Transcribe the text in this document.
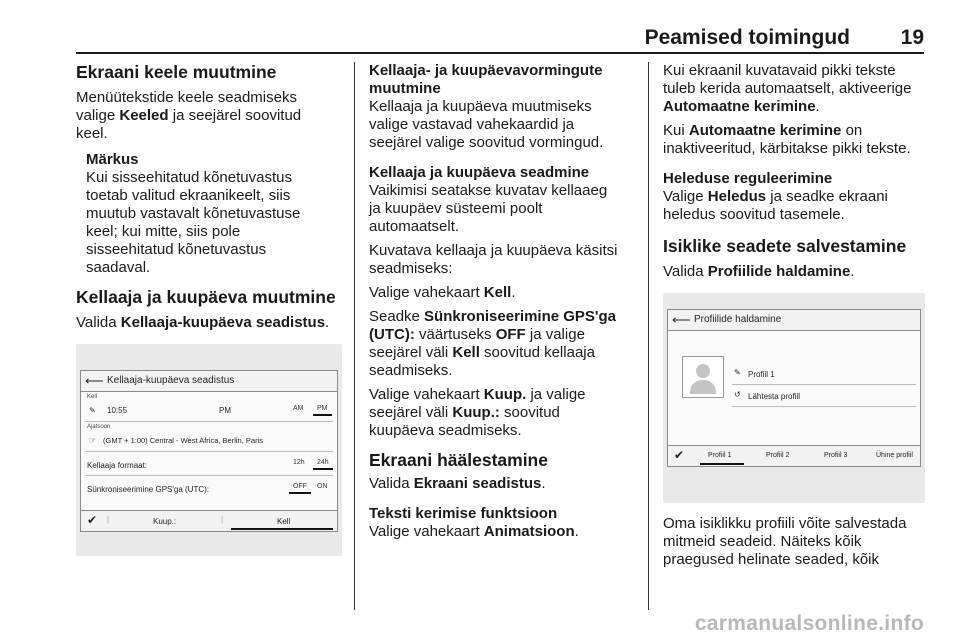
Peamised toimingud 19
Ekraani keele muutmine

Menüütekstide keele seadmiseks

valige Keeled ja seejärel soovitud

keel.

Märkus

Kui sisseehitatud kõnetuvastus

toetab valitud ekraanikeelt, siis

muutub vastavalt kõnetuvastuse

keel; kui mitte, siis pole

sisseehitatud kõnetuvastus

saadaval.

Kellaaja ja kuupäeva muutmine

Valida Kellaaja-kuupäeva seadistus.

⟵ Kellaaja-kuupäeva seadistus
Kell
✎ 10:55	PM	AM PM
Ajatsoon
☞ (GMT + 1:00) Central - West Africa, Berlin, Paris
Kellaaja formaat:	12h 24h
Sünkroniseerimine GPS'ga (UTC):	OFF ON
✔ |	Kuup.:	|	Kell
Kellaaja- ja kuupäevavormingute
muutmine

Kellaaja ja kuupäeva muutmiseks

valige vastavad vahekaardid ja

seejärel valige soovitud vormingud.

Kellaaja ja kuupäeva seadmine

Vaikimisi seatakse kuvatav kellaaeg

ja kuupäev süsteemi poolt

automaatselt.

Kuvatava kellaaja ja kuupäeva käsitsi

seadmiseks:

Valige vahekaart Kell.

Seadke Sünkroniseerimine GPS'ga

(UTC): väärtuseks OFF ja valige

seejärel väli Kell soovitud kellaaja

seadmiseks.

Valige vahekaart Kuup. ja valige

seejärel väli Kuup.: soovitud

kuupäeva seadmiseks.

Ekraani häälestamine

Valida Ekraani seadistus.

Teksti kerimise funktsioon

Valige vahekaart Animatsioon.

Kui ekraanil kuvatavaid pikki tekste

tuleb kerida automaatselt, aktiveerige

Automaatne kerimine.

Kui Automaatne kerimine on

inaktiveeritud, kärbitakse pikki tekste.

Heleduse reguleerimine

Valige Heledus ja seadke ekraani

heledus soovitud tasemele.

Isiklike seadete salvestamine

Valida Profiilide haldamine.

⟵ Profiilide haldamine
✎ Profiil 1
↺ Lähtesta profiil
✔	Profiil 1	Profiil 2	Profiil 3	Ühine profiil

Oma isiklikku profiili võite salvestada

mitmeid seadeid. Näiteks kõik

praegused helinate seaded, kõik

carmanualsonline.info
